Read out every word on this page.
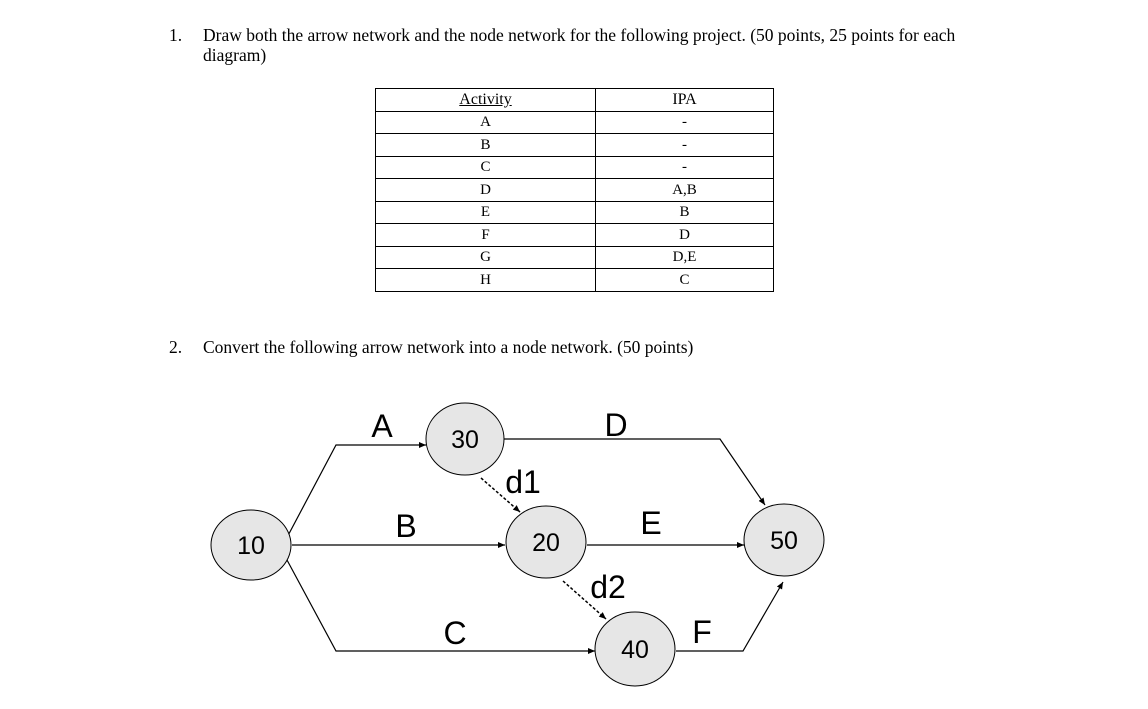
1. Draw both the arrow network and the node network for the following project. (50 points, 25 points for each
diagram)
Activity	IPA
A	-
B	-
C	-
D	A,B
E	B
F	D
G	D,E
H	C
2. Convert the following arrow network into a node network. (50 points)
10
30
20
40
50
A
B
C
D
E
F
d1
d2
